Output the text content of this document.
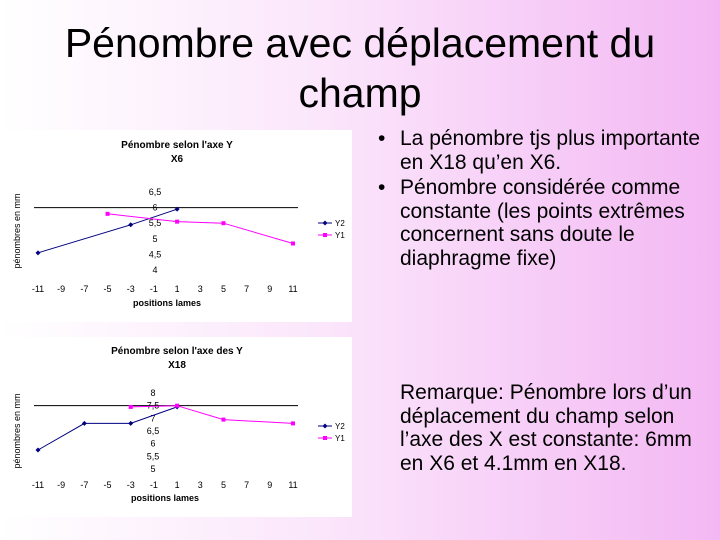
Pénombre avec déplacement du champ
Pénombre selon l'axe Y
X6
pénombres en mm
4
4,5
5
5,5
6
6,5
-11 -9 -7 -5 -3 -1 1 3 5 7 9 11
positions lames
Y2
Y1
Pénombre selon l'axe des Y
X18
pénombres en mm
5
5,5
6
6,5
7
7,5
8
-11 -9 -7 -5 -3 -1 1 3 5 7 9 11
positions lames
Y2
Y1
• La pénombre tjs plus importante en X18 qu’en X6.
• Pénombre considérée comme constante (les points extrêmes concernent sans doute le diaphragme fixe)
Remarque: Pénombre lors d’un déplacement du champ selon l’axe des X est constante: 6mm en X6 et 4.1mm en X18.
